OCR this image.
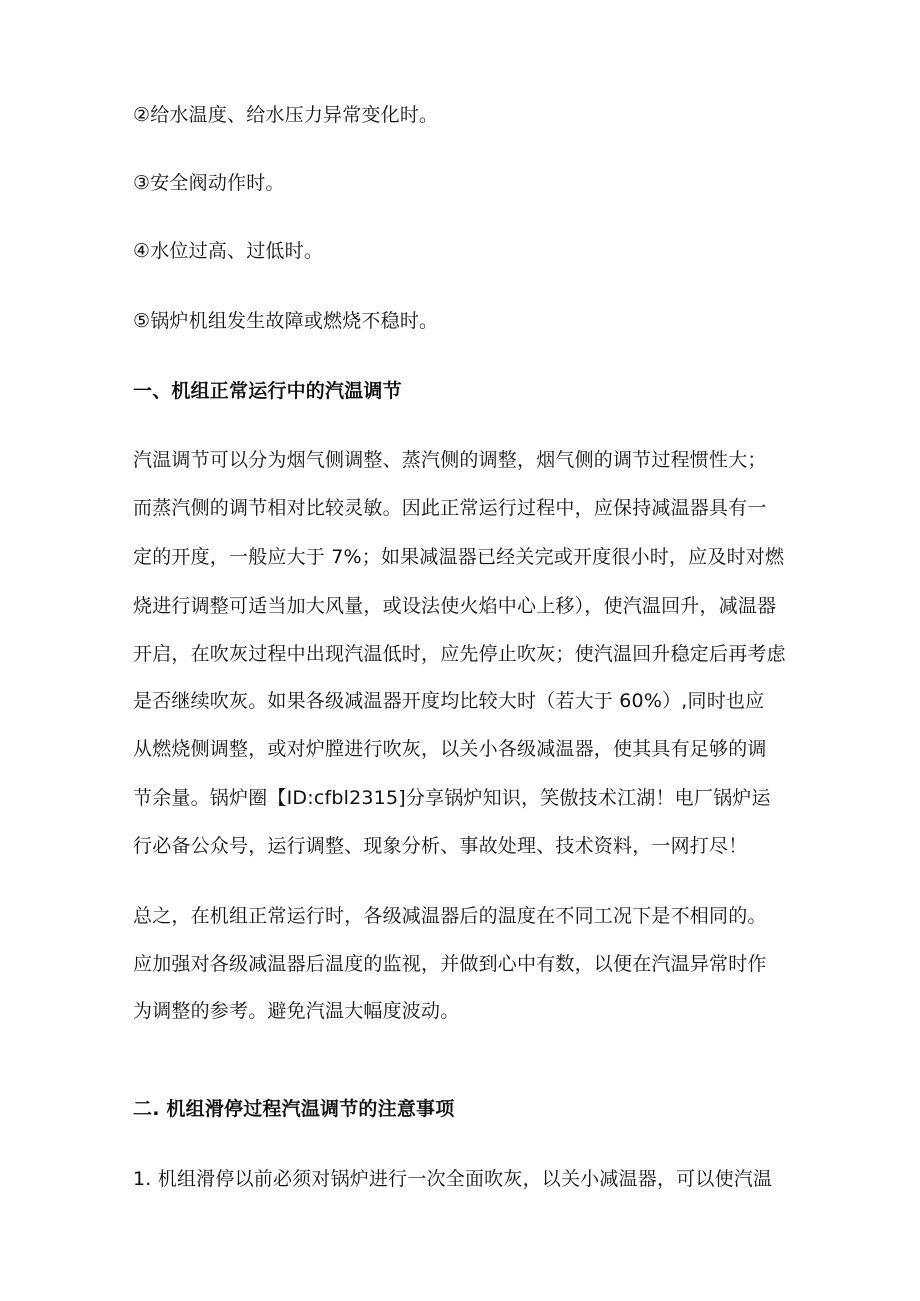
②给水温度、给水压力异常变化时。
③安全阀动作时。
④水位过高、过低时。
⑤锅炉机组发生故障或燃烧不稳时。
一、机组正常运行中的汽温调节
汽温调节可以分为烟气侧调整、蒸汽侧的调整，烟气侧的调节过程惯性大；
而蒸汽侧的调节相对比较灵敏。因此正常运行过程中，应保持减温器具有一
定的开度，一般应大于 7%；如果减温器已经关完或开度很小时，应及时对燃
烧进行调整可适当加大风量，或设法使火焰中心上移），使汽温回升，减温器
开启，在吹灰过程中出现汽温低时，应先停止吹灰；使汽温回升稳定后再考虑
是否继续吹灰。如果各级减温器开度均比较大时（若大于 60%）,同时也应
从燃烧侧调整，或对炉膛进行吹灰，以关小各级减温器，使其具有足够的调
节余量。锅炉圈【ID:cfbl2315]分享锅炉知识，笑傲技术江湖！电厂锅炉运
行必备公众号，运行调整、现象分析、事故处理、技术资料，一网打尽！
总之，在机组正常运行时，各级减温器后的温度在不同工况下是不相同的。
应加强对各级减温器后温度的监视，并做到心中有数，以便在汽温异常时作
为调整的参考。避免汽温大幅度波动。
二. 机组滑停过程汽温调节的注意事项
1. 机组滑停以前必须对锅炉进行一次全面吹灰，以关小减温器，可以使汽温
